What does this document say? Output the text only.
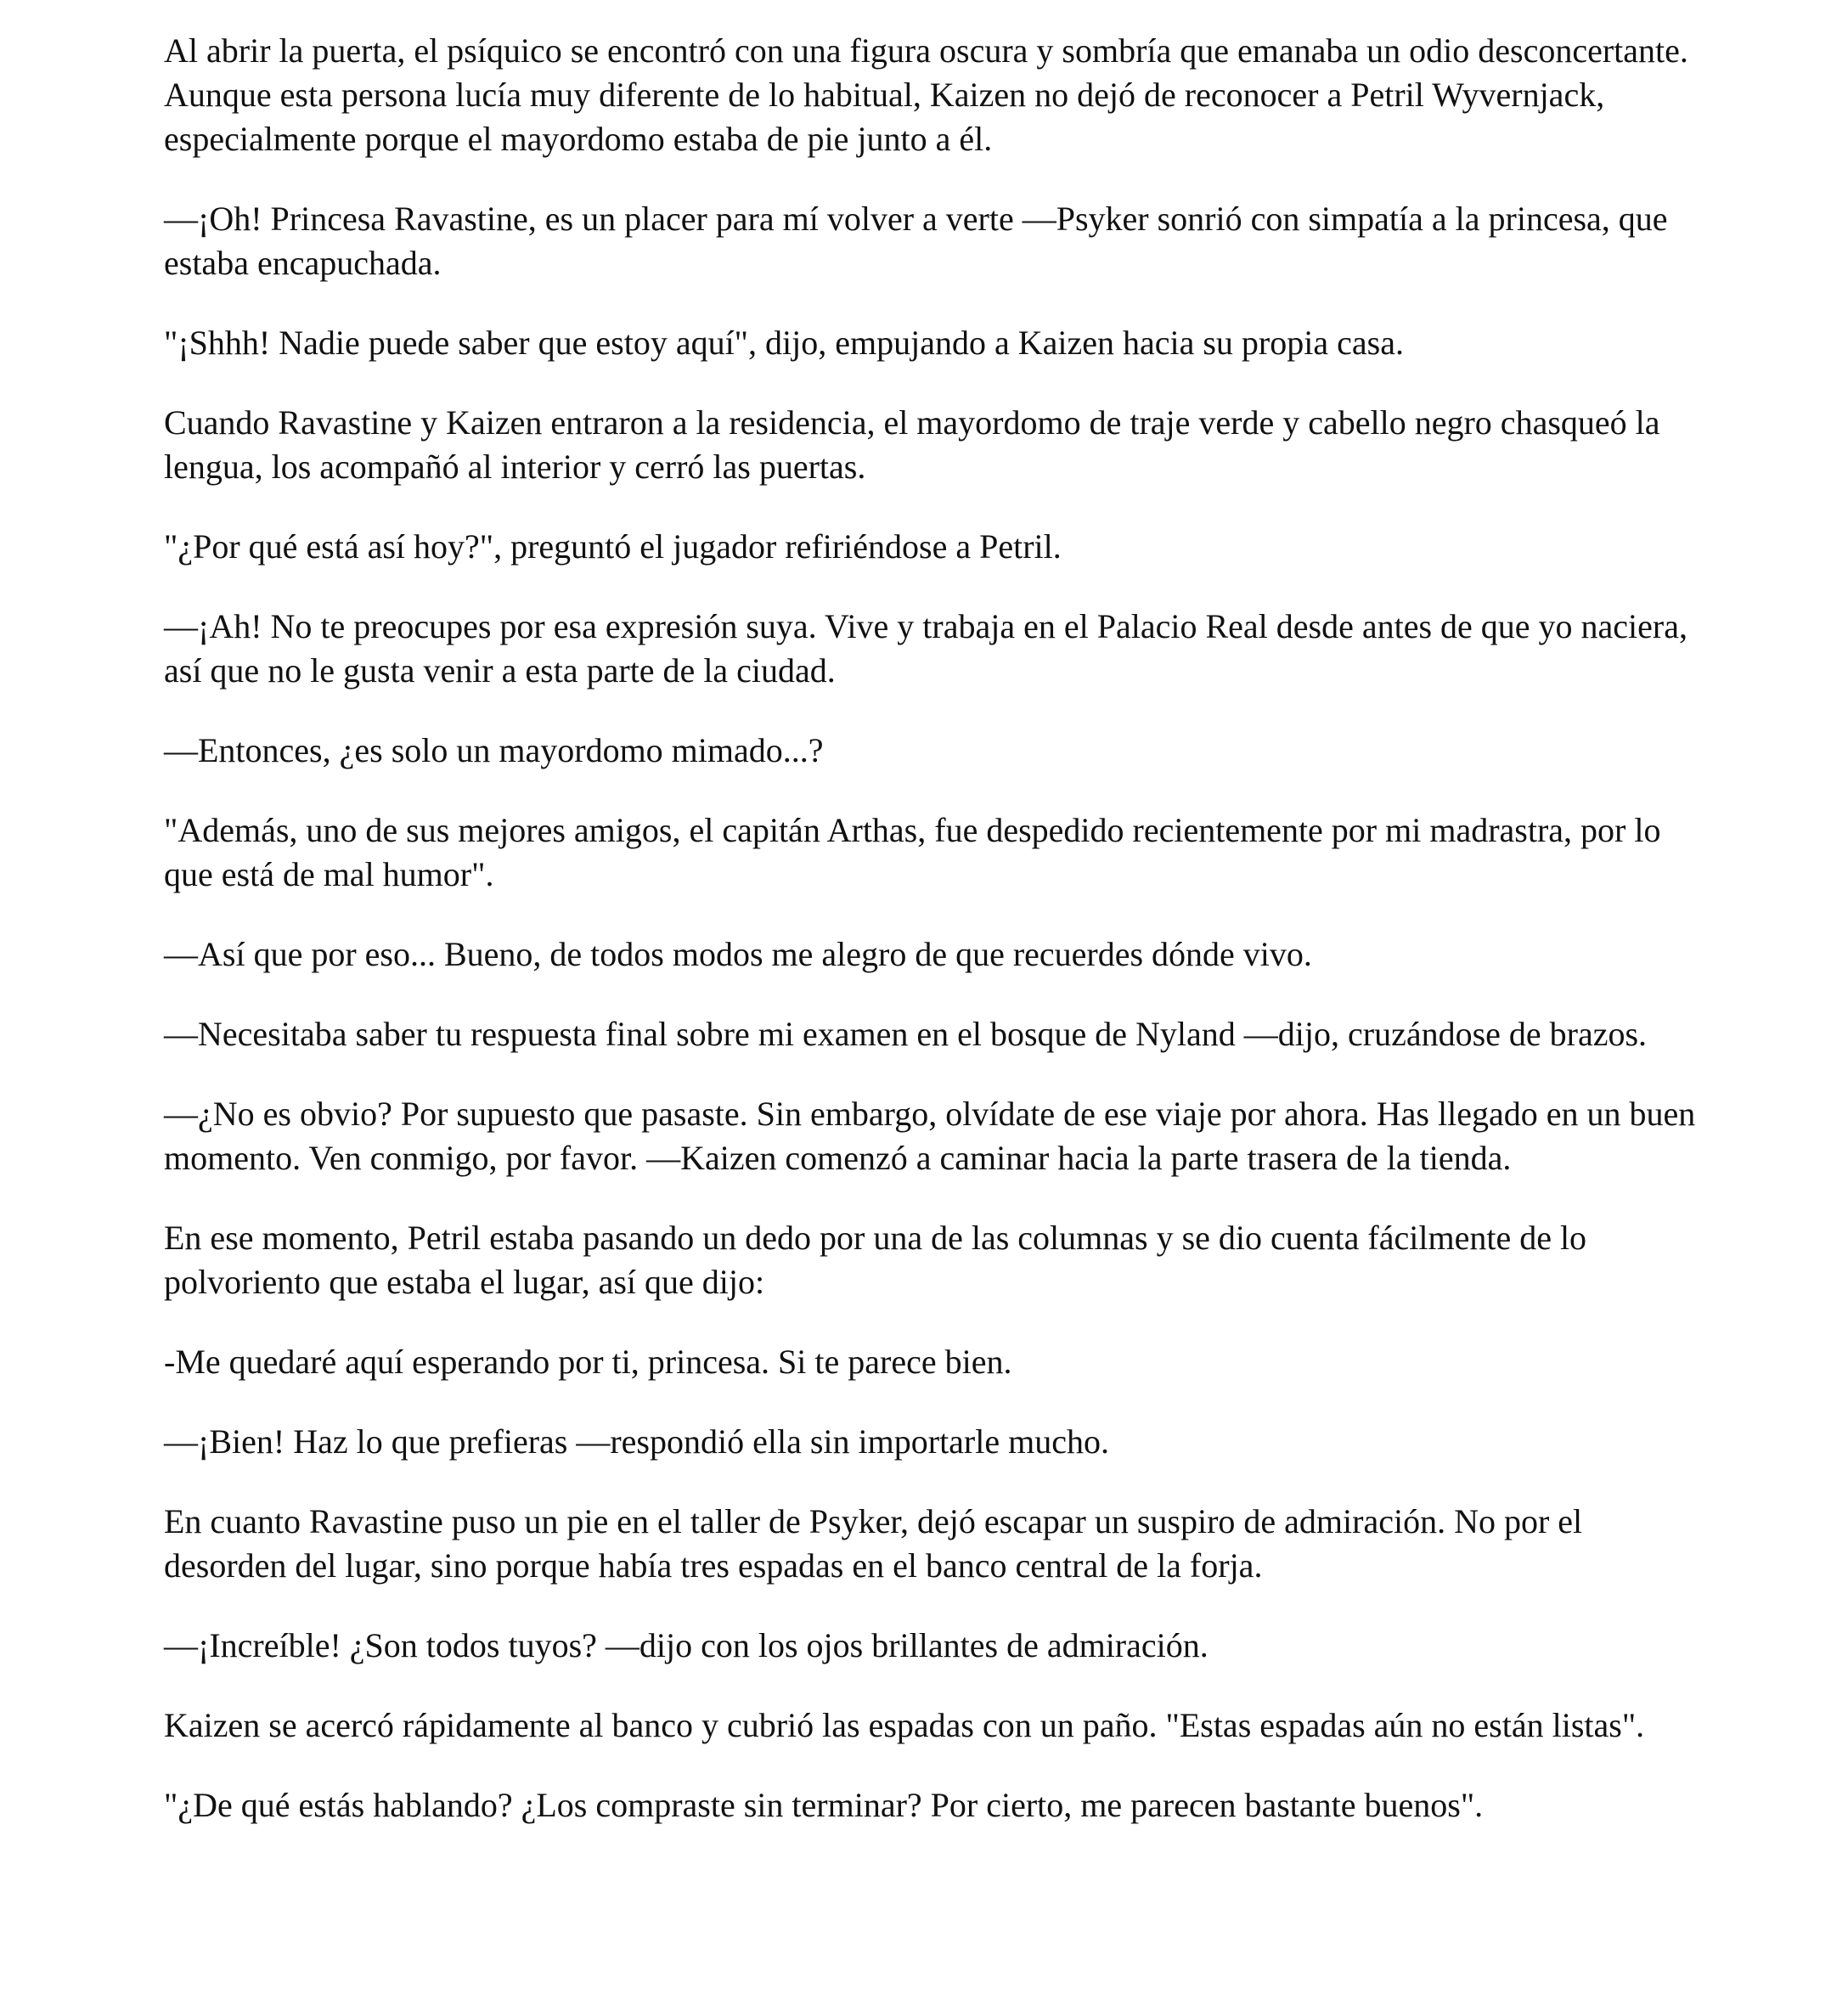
Al abrir la puerta, el psíquico se encontró con una figura oscura y sombría que emanaba un odio desconcertante. Aunque esta persona lucía muy diferente de lo habitual, Kaizen no dejó de reconocer a Petril Wyvernjack, especialmente porque el mayordomo estaba de pie junto a él.

—¡Oh! Princesa Ravastine, es un placer para mí volver a verte —Psyker sonrió con simpatía a la princesa, que estaba encapuchada.

"¡Shhh! Nadie puede saber que estoy aquí", dijo, empujando a Kaizen hacia su propia casa.

Cuando Ravastine y Kaizen entraron a la residencia, el mayordomo de traje verde y cabello negro chasqueó la lengua, los acompañó al interior y cerró las puertas.

"¿Por qué está así hoy?", preguntó el jugador refiriéndose a Petril.

—¡Ah! No te preocupes por esa expresión suya. Vive y trabaja en el Palacio Real desde antes de que yo naciera, así que no le gusta venir a esta parte de la ciudad.

—Entonces, ¿es solo un mayordomo mimado...?

"Además, uno de sus mejores amigos, el capitán Arthas, fue despedido recientemente por mi madrastra, por lo que está de mal humor".

—Así que por eso... Bueno, de todos modos me alegro de que recuerdes dónde vivo.

—Necesitaba saber tu respuesta final sobre mi examen en el bosque de Nyland —dijo, cruzándose de brazos.

—¿No es obvio? Por supuesto que pasaste. Sin embargo, olvídate de ese viaje por ahora. Has llegado en un buen momento. Ven conmigo, por favor. —Kaizen comenzó a caminar hacia la parte trasera de la tienda.

En ese momento, Petril estaba pasando un dedo por una de las columnas y se dio cuenta fácilmente de lo polvoriento que estaba el lugar, así que dijo:

-Me quedaré aquí esperando por ti, princesa. Si te parece bien.

—¡Bien! Haz lo que prefieras —respondió ella sin importarle mucho.

En cuanto Ravastine puso un pie en el taller de Psyker, dejó escapar un suspiro de admiración. No por el desorden del lugar, sino porque había tres espadas en el banco central de la forja.

—¡Increíble! ¿Son todos tuyos? —dijo con los ojos brillantes de admiración.

Kaizen se acercó rápidamente al banco y cubrió las espadas con un paño. "Estas espadas aún no están listas".

"¿De qué estás hablando? ¿Los compraste sin terminar? Por cierto, me parecen bastante buenos".
